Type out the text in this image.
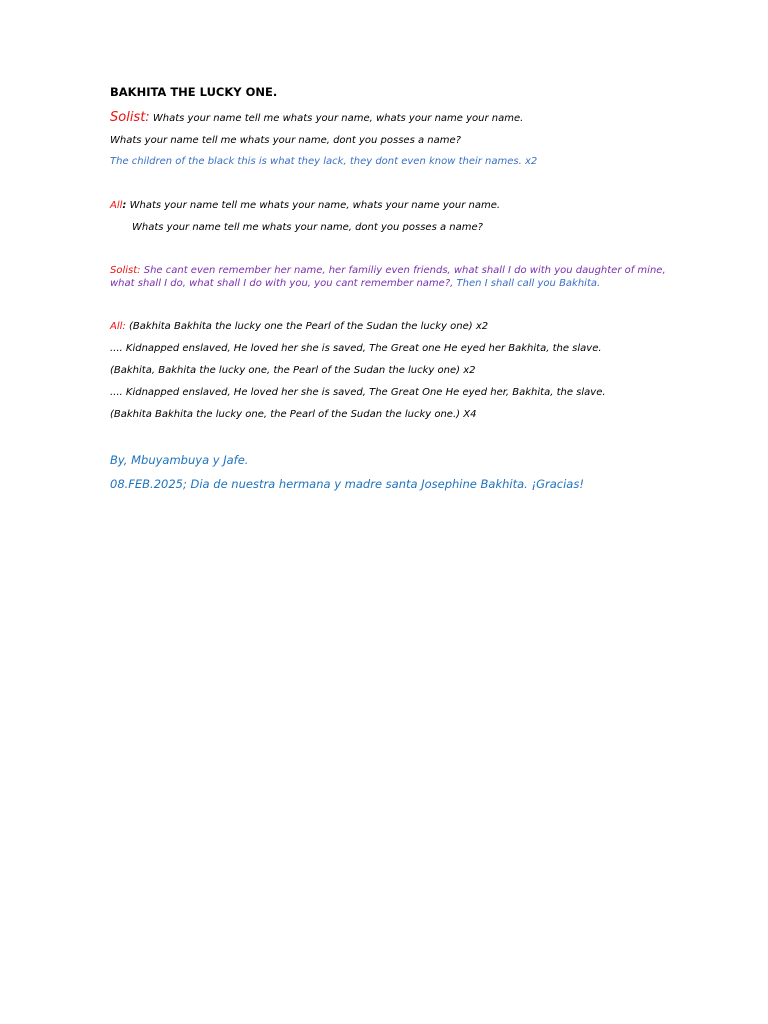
BAKHITA THE LUCKY ONE.
Solist: Whats your name tell me whats your name, whats your name your name.
Whats your name tell me whats your name, dont you posses a name?
The children of the black this is what they lack, they dont even know their names. x2
All: Whats your name tell me whats your name, whats your name your name.
Whats your name tell me whats your name, dont you posses a name?
Solist: She cant even remember her name, her familiy even friends, what shall I do with you daughter of mine, what shall I do, what shall I do with you, you cant remember name?, Then I shall call you Bakhita.
All: (Bakhita Bakhita the lucky one the Pearl of the Sudan the lucky one) x2
.... Kidnapped enslaved, He loved her she is saved, The Great one He eyed her Bakhita, the slave.
(Bakhita, Bakhita the lucky one, the Pearl of the Sudan the lucky one) x2
.... Kidnapped enslaved, He loved her she is saved, The Great One He eyed her, Bakhita, the slave.
(Bakhita Bakhita the lucky one, the Pearl of the Sudan the lucky one.) X4
By, Mbuyambuya y Jafe.
08.FEB.2025; Dia de nuestra hermana y madre santa Josephine Bakhita. ¡Gracias!
